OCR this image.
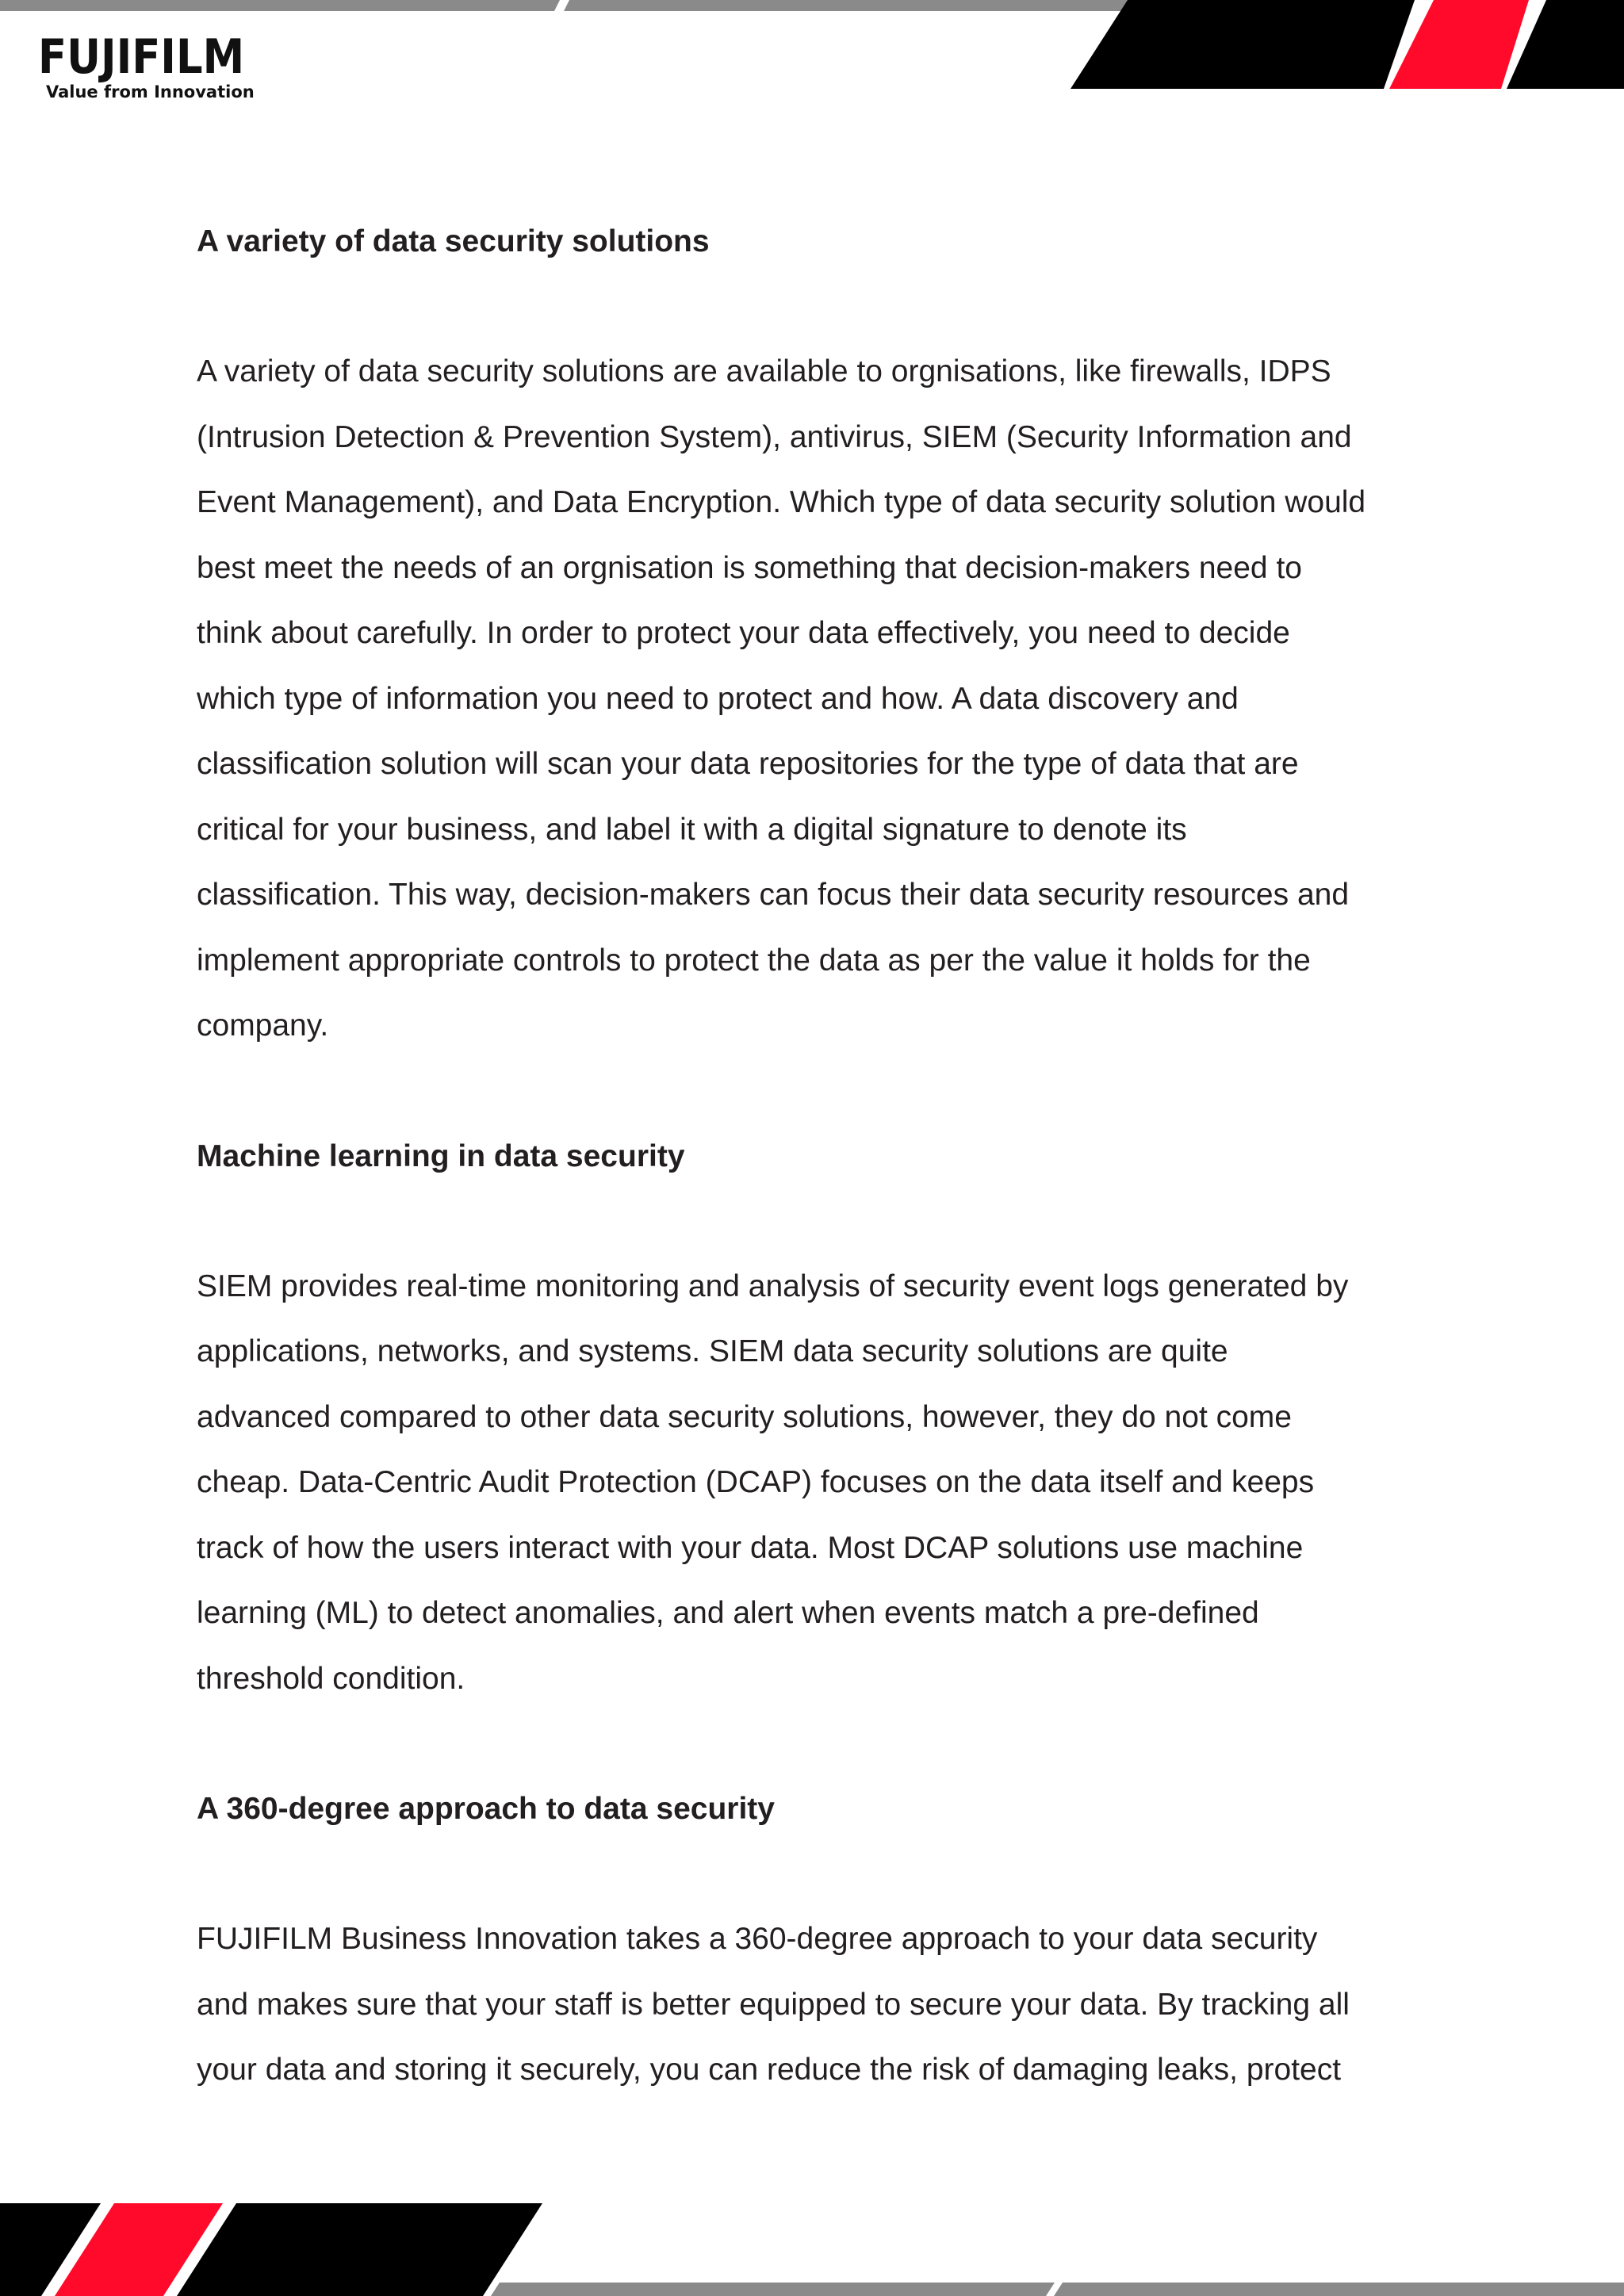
FUJIFILM
Value from Innovation
A variety of data security solutions

A variety of data security solutions are available to orgnisations, like firewalls, IDPS
(Intrusion Detection & Prevention System), antivirus, SIEM (Security Information and
Event Management), and Data Encryption. Which type of data security solution would
best meet the needs of an orgnisation is something that decision-makers need to
think about carefully. In order to protect your data effectively, you need to decide
which type of information you need to protect and how. A data discovery and
classification solution will scan your data repositories for the type of data that are
critical for your business, and label it with a digital signature to denote its
classification. This way, decision-makers can focus their data security resources and
implement appropriate controls to protect the data as per the value it holds for the
company.

Machine learning in data security

SIEM provides real-time monitoring and analysis of security event logs generated by
applications, networks, and systems. SIEM data security solutions are quite
advanced compared to other data security solutions, however, they do not come
cheap. Data-Centric Audit Protection (DCAP) focuses on the data itself and keeps
track of how the users interact with your data. Most DCAP solutions use machine
learning (ML) to detect anomalies, and alert when events match a pre-defined
threshold condition.

A 360-degree approach to data security

FUJIFILM Business Innovation takes a 360-degree approach to your data security
and makes sure that your staff is better equipped to secure your data. By tracking all
your data and storing it securely, you can reduce the risk of damaging leaks, protect
